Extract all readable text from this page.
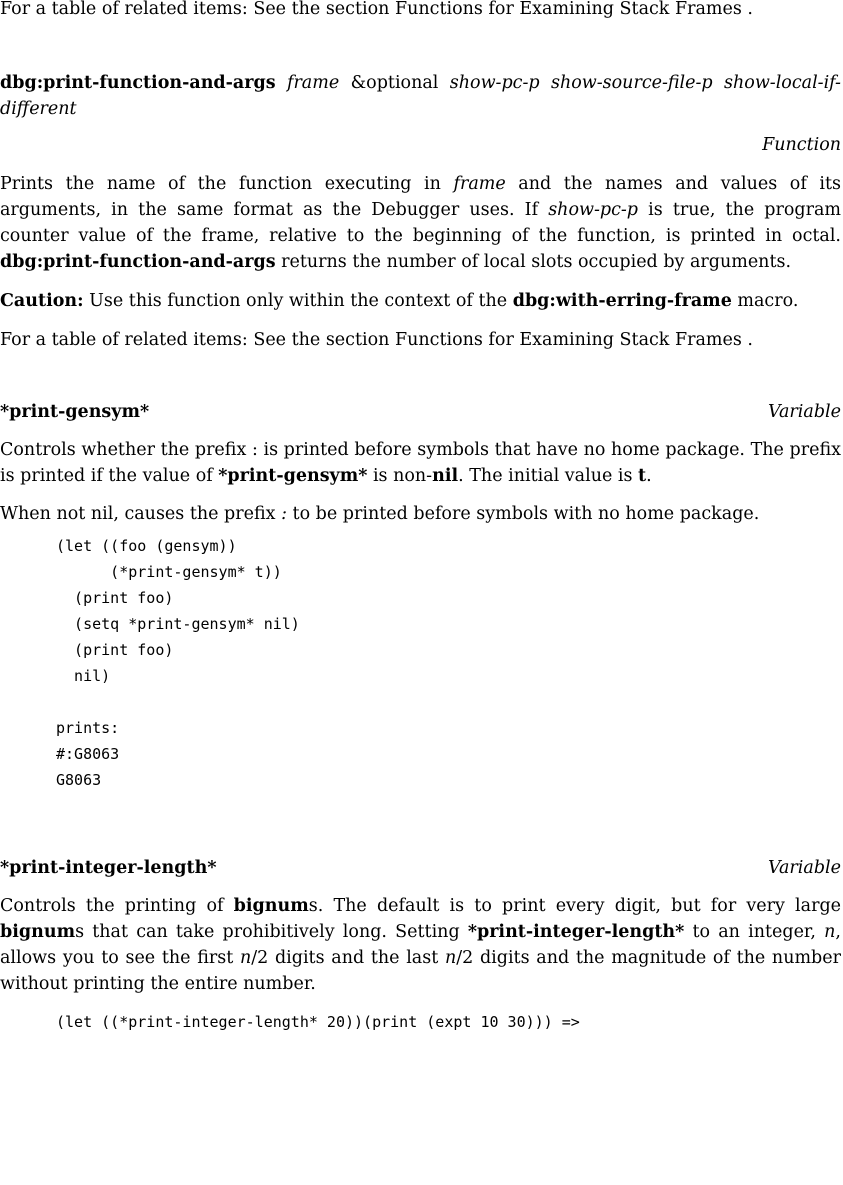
For a table of related items: See the section Functions for Examining Stack Frames .

dbg:print-function-and-args frame &optional show-pc-p show-source-file-p show-local-if-different

Function

Prints the name of the function executing in frame and the names and values of its arguments, in the same format as the Debugger uses. If show-pc-p is true, the program counter value of the frame, relative to the beginning of the function, is printed in octal. dbg:print-function-and-args returns the number of local slots occupied by arguments.

Caution: Use this function only within the context of the dbg:with-erring-frame macro.

For a table of related items: See the section Functions for Examining Stack Frames .

*print-gensym*	Variable

Controls whether the prefix : is printed before symbols that have no home package. The prefix is printed if the value of *print-gensym* is non-nil. The initial value is t.

When not nil, causes the prefix : to be printed before symbols with no home package.

(let ((foo (gensym))
(*print-gensym* t))
(print foo)
(setq *print-gensym* nil)
(print foo)
nil)

prints:
#:G8063
G8063
*print-integer-length*	Variable

Controls the printing of bignums. The default is to print every digit, but for very large bignums that can take prohibitively long. Setting *print-integer-length* to an integer, n, allows you to see the first n/2 digits and the last n/2 digits and the magnitude of the number without printing the entire number.

(let ((*print-integer-length* 20))(print (expt 10 30))) =>
